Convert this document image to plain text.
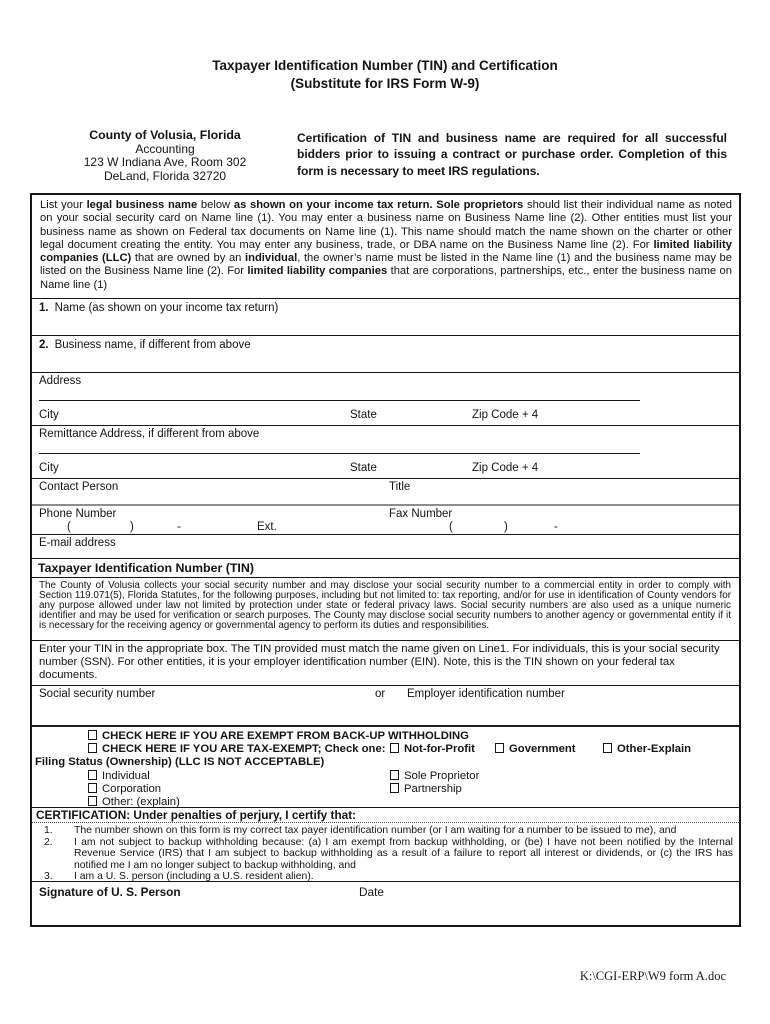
Taxpayer Identification Number (TIN) and Certification
(Substitute for IRS Form W-9)
County of Volusia, Florida
Accounting
123 W Indiana Ave, Room 302
DeLand, Florida 32720
Certification of TIN and business name are required for all successful bidders prior to issuing a contract or purchase order. Completion of this form is necessary to meet IRS regulations.

List your legal business name below as shown on your income tax return. Sole proprietors should list their individual name as noted on your social security card on Name line (1). You may enter a business name on Business Name line (2). Other entities must list your business name as shown on Federal tax documents on Name line (1). This name should match the name shown on the charter or other legal document creating the entity. You may enter any business, trade, or DBA name on the Business Name line (2). For limited liability companies (LLC) that are owned by an individual, the owner’s name must be listed in the Name line (1) and the business name may be listed on the Business Name line (2). For limited liability companies that are corporations, partnerships, etc., enter the business name on Name line (1)

1. Name (as shown on your income tax return)
2. Business name, if different from above
Address
City	State	Zip Code + 4
Remittance Address, if different from above
City	State	Zip Code + 4
Contact Person	Title
Phone Number	Fax Number
(	)	-	Ext.	(	)	-
E-mail address
Taxpayer Identification Number (TIN)

The County of Volusia collects your social security number and may disclose your social security number to a commercial entity in order to comply with Section 119.071(5), Florida Statutes, for the following purposes, including but not limited to: tax reporting, and/or for use in identification of County vendors for any purpose allowed under law not limited by protection under state or federal privacy laws. Social security numbers are also used as a unique numeric identifier and may be used for verification or search purposes. The County may disclose social security numbers to another agency or governmental entity if it is necessary for the receiving agency or governmental agency to perform its duties and responsibilities.

Enter your TIN in the appropriate box. The TIN provided must match the name given on Line1. For individuals, this is your social security number (SSN). For other entities, it is your employer identification number (EIN). Note, this is the TIN shown on your federal tax documents.

Social security number	or Employer identification number
CHECK HERE IF YOU ARE EXEMPT FROM BACK-UP WITHHOLDING
CHECK HERE IF YOU ARE TAX-EXEMPT; Check one:	Not-for-Profit	Government	Other-Explain
Filing Status (Ownership) (LLC IS NOT ACCEPTABLE)
Individual	Sole Proprietor
Corporation	Partnership
Other: (explain)
CERTIFICATION: Under penalties of perjury, I certify that:
1.	The number shown on this form is my correct tax payer identification number (or I am waiting for a number to be issued to me), and
2.	I am not subject to backup withholding because: (a) I am exempt from backup withholding, or (be) I have not been notified by the Internal Revenue Service (IRS) that I am subject to backup withholding as a result of a failure to report all interest or dividends, or (c) the IRS has notified me I am no longer subject to backup withholding, and
3.	I am a U. S. person (including a U.S. resident alien).
Signature of U. S. Person	Date
K:\CGI-ERP\W9 form A.doc
